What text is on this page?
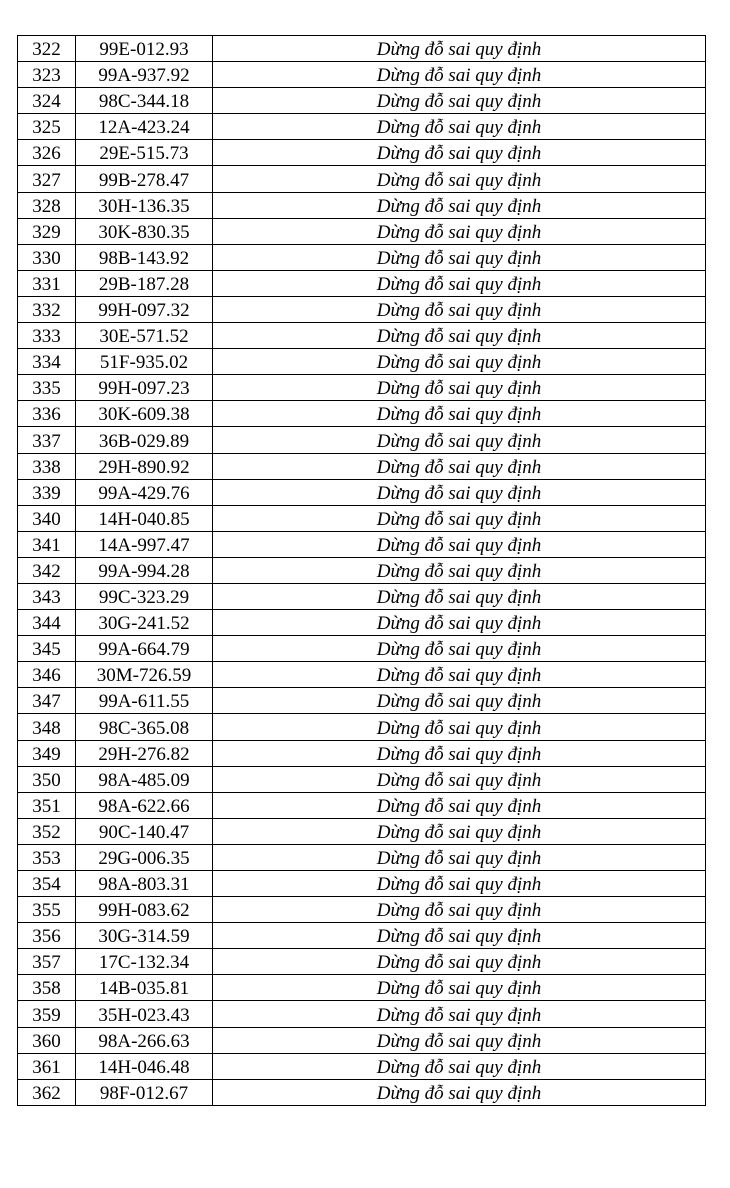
322	99E-012.93	Dừng đỗ sai quy định
323	99A-937.92	Dừng đỗ sai quy định
324	98C-344.18	Dừng đỗ sai quy định
325	12A-423.24	Dừng đỗ sai quy định
326	29E-515.73	Dừng đỗ sai quy định
327	99B-278.47	Dừng đỗ sai quy định
328	30H-136.35	Dừng đỗ sai quy định
329	30K-830.35	Dừng đỗ sai quy định
330	98B-143.92	Dừng đỗ sai quy định
331	29B-187.28	Dừng đỗ sai quy định
332	99H-097.32	Dừng đỗ sai quy định
333	30E-571.52	Dừng đỗ sai quy định
334	51F-935.02	Dừng đỗ sai quy định
335	99H-097.23	Dừng đỗ sai quy định
336	30K-609.38	Dừng đỗ sai quy định
337	36B-029.89	Dừng đỗ sai quy định
338	29H-890.92	Dừng đỗ sai quy định
339	99A-429.76	Dừng đỗ sai quy định
340	14H-040.85	Dừng đỗ sai quy định
341	14A-997.47	Dừng đỗ sai quy định
342	99A-994.28	Dừng đỗ sai quy định
343	99C-323.29	Dừng đỗ sai quy định
344	30G-241.52	Dừng đỗ sai quy định
345	99A-664.79	Dừng đỗ sai quy định
346	30M-726.59	Dừng đỗ sai quy định
347	99A-611.55	Dừng đỗ sai quy định
348	98C-365.08	Dừng đỗ sai quy định
349	29H-276.82	Dừng đỗ sai quy định
350	98A-485.09	Dừng đỗ sai quy định
351	98A-622.66	Dừng đỗ sai quy định
352	90C-140.47	Dừng đỗ sai quy định
353	29G-006.35	Dừng đỗ sai quy định
354	98A-803.31	Dừng đỗ sai quy định
355	99H-083.62	Dừng đỗ sai quy định
356	30G-314.59	Dừng đỗ sai quy định
357	17C-132.34	Dừng đỗ sai quy định
358	14B-035.81	Dừng đỗ sai quy định
359	35H-023.43	Dừng đỗ sai quy định
360	98A-266.63	Dừng đỗ sai quy định
361	14H-046.48	Dừng đỗ sai quy định
362	98F-012.67	Dừng đỗ sai quy định
